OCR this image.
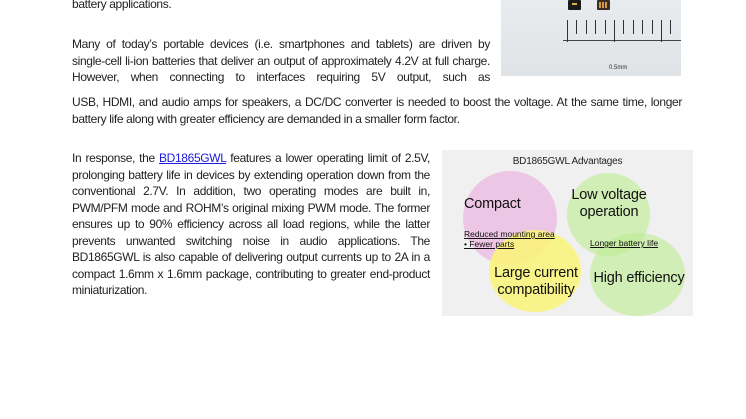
battery applications.

0.5mm

Many of today’s portable devices (i.e. smartphones and tablets) are driven by single-cell li-ion batteries that deliver an output of approximately 4.2V at full charge. However, when connecting to interfaces requiring 5V output, such as

USB, HDMI, and audio amps for speakers, a DC/DC converter is needed to boost the voltage. At the same time, longer battery life along with greater efficiency are demanded in a smaller form factor.

In response, the BD1865GWL features a lower operating limit of 2.5V, prolonging battery life in devices by extending operation down from the conventional 2.7V. In addition, two operating modes are built in, PWM/PFM mode and ROHM’s original mixing PWM mode. The former ensures up to 90% efficiency across all load regions, while the latter prevents unwanted switching noise in audio applications. The BD1865GWL is also capable of delivering output currents up to 2A in a compact 1.6mm x 1.6mm package, contributing to greater end-product miniaturization.

BD1865GWL Advantages
Compact
Low voltage
operation
Reduced mounting area
• Fewer parts	Longer battery life
Large current
compatibility
High efficiency
